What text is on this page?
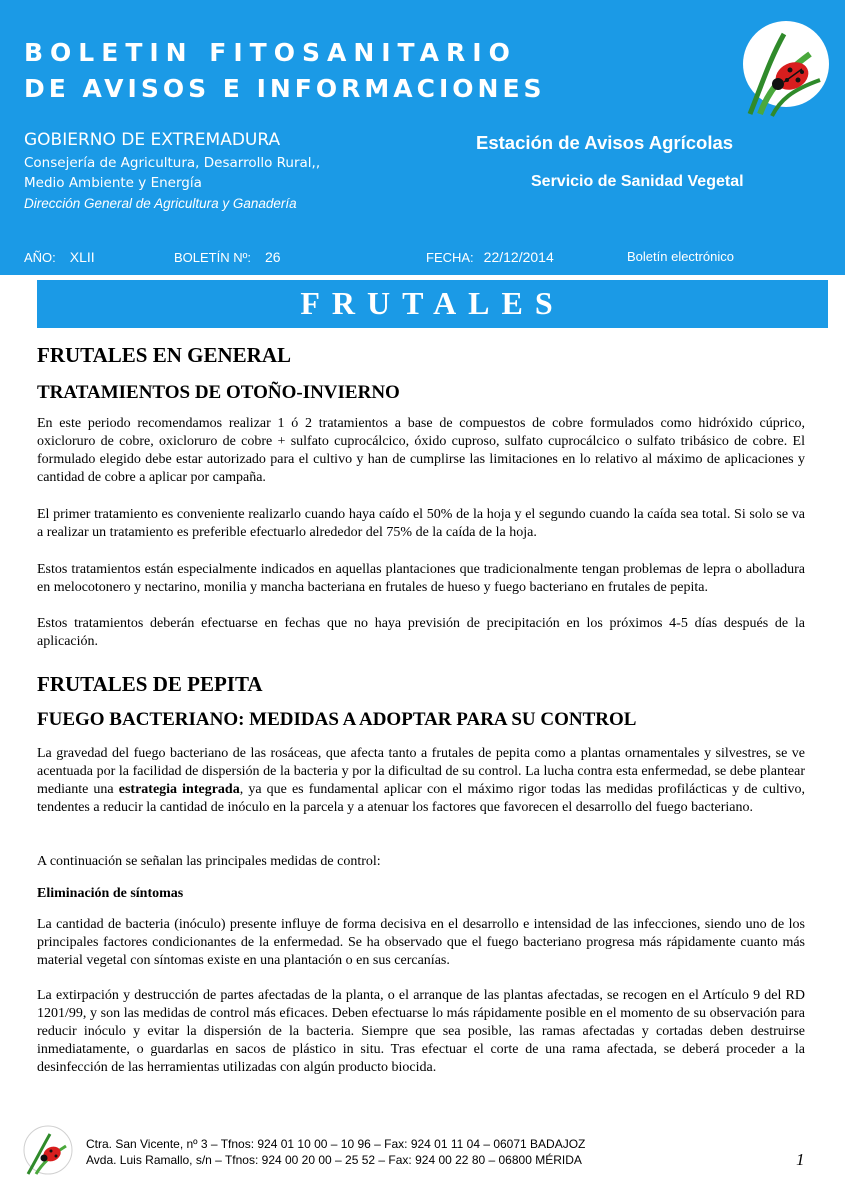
BOLETIN FITOSANITARIO
DE AVISOS E INFORMACIONES
GOBIERNO DE EXTREMADURA
Consejería de Agricultura, Desarrollo Rural,,
Medio Ambiente y Energía
Dirección General de Agricultura y Ganadería
Estación de Avisos Agrícolas
Servicio de Sanidad Vegetal
AÑO: XLII	BOLETÍN Nº: 26	FECHA: 22/12/2014	Boletín electrónico
FRUTALES
FRUTALES EN GENERAL
TRATAMIENTOS DE OTOÑO-INVIERNO

En este periodo recomendamos realizar 1 ó 2 tratamientos a base de compuestos de cobre formulados como hidróxido cúprico, oxicloruro de cobre, oxicloruro de cobre + sulfato cuprocálcico, óxido cuproso, sulfato cuprocálcico o sulfato tribásico de cobre. El formulado elegido debe estar autorizado para el cultivo y han de cumplirse las limitaciones en lo relativo al máximo de aplicaciones y cantidad de cobre a aplicar por campaña.

El primer tratamiento es conveniente realizarlo cuando haya caído el 50% de la hoja y el segundo cuando la caída sea total. Si solo se va a realizar un tratamiento es preferible efectuarlo alrededor del 75% de la caída de la hoja.

Estos tratamientos están especialmente indicados en aquellas plantaciones que tradicionalmente tengan problemas de lepra o abolladura en melocotonero y nectarino, monilia y mancha bacteriana en frutales de hueso y fuego bacteriano en frutales de pepita.

Estos tratamientos deberán efectuarse en fechas que no haya previsión de precipitación en los próximos 4-5 días después de la aplicación.

FRUTALES DE PEPITA
FUEGO BACTERIANO: MEDIDAS A ADOPTAR PARA SU CONTROL

La gravedad del fuego bacteriano de las rosáceas, que afecta tanto a frutales de pepita como a plantas ornamentales y silvestres, se ve acentuada por la facilidad de dispersión de la bacteria y por la dificultad de su control. La lucha contra esta enfermedad, se debe plantear mediante una estrategia integrada, ya que es fundamental aplicar con el máximo rigor todas las medidas profilácticas y de cultivo, tendentes a reducir la cantidad de inóculo en la parcela y a atenuar los factores que favorecen el desarrollo del fuego bacteriano.

A continuación se señalan las principales medidas de control:

Eliminación de síntomas

La cantidad de bacteria (inóculo) presente influye de forma decisiva en el desarrollo e intensidad de las infecciones, siendo uno de los principales factores condicionantes de la enfermedad. Se ha observado que el fuego bacteriano progresa más rápidamente cuanto más material vegetal con síntomas existe en una plantación o en sus cercanías.

La extirpación y destrucción de partes afectadas de la planta, o el arranque de las plantas afectadas, se recogen en el Artículo 9 del RD 1201/99, y son las medidas de control más eficaces. Deben efectuarse lo más rápidamente posible en el momento de su observación para reducir inóculo y evitar la dispersión de la bacteria. Siempre que sea posible, las ramas afectadas y cortadas deben destruirse inmediatamente, o guardarlas en sacos de plástico in situ. Tras efectuar el corte de una rama afectada, se deberá proceder a la desinfección de las herramientas utilizadas con algún producto biocida.

Ctra. San Vicente, nº 3 – Tfnos: 924 01 10 00 – 10 96 – Fax: 924 01 11 04 – 06071 BADAJOZ
Avda. Luis Ramallo, s/n – Tfnos: 924 00 20 00 – 25 52 – Fax: 924 00 22 80 – 06800 MÉRIDA	1
